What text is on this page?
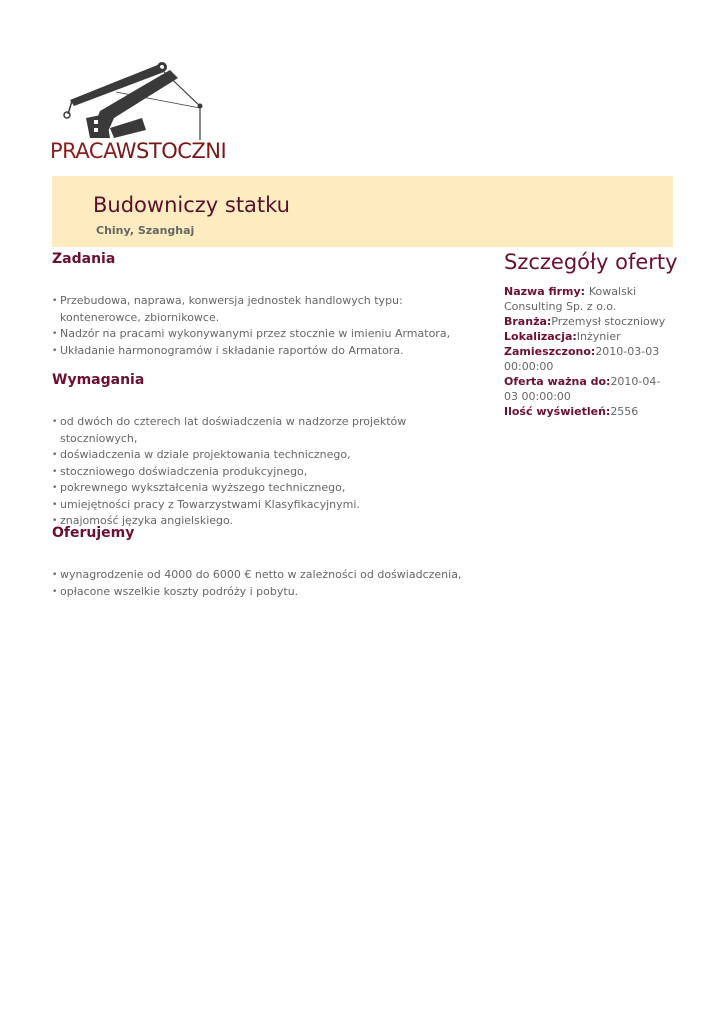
PRACAWSTOCZNI
Budowniczy statku
Chiny, Szanghaj
Zadania
• Przebudowa, naprawa, konwersja jednostek handlowych typu: kontenerowce, zbiornikowce.
• Nadzór na pracami wykonywanymi przez stocznie w imieniu Armatora,
• Układanie harmonogramów i składanie raportów do Armatora.
Wymagania
• od dwóch do czterech lat doświadczenia w nadzorze projektów stoczniowych,
• doświadczenia w dziale projektowania technicznego,
• stoczniowego doświadczenia produkcyjnego,
• pokrewnego wykształcenia wyższego technicznego,
• umiejętności pracy z Towarzystwami Klasyfikacyjnymi.
• znajomość języka angielskiego.
Oferujemy
• wynagrodzenie od 4000 do 6000 € netto w zależności od doświadczenia,
• opłacone wszelkie koszty podróży i pobytu.
Szczegóły oferty
Nazwa firmy: Kowalski Consulting Sp. z o.o.
Branża:Przemysł stoczniowy
Lokalizacja:Inżynier
Zamieszczono:2010-03-03 00:00:00
Oferta ważna do:2010-04-03 00:00:00
Ilość wyświetleń:2556
